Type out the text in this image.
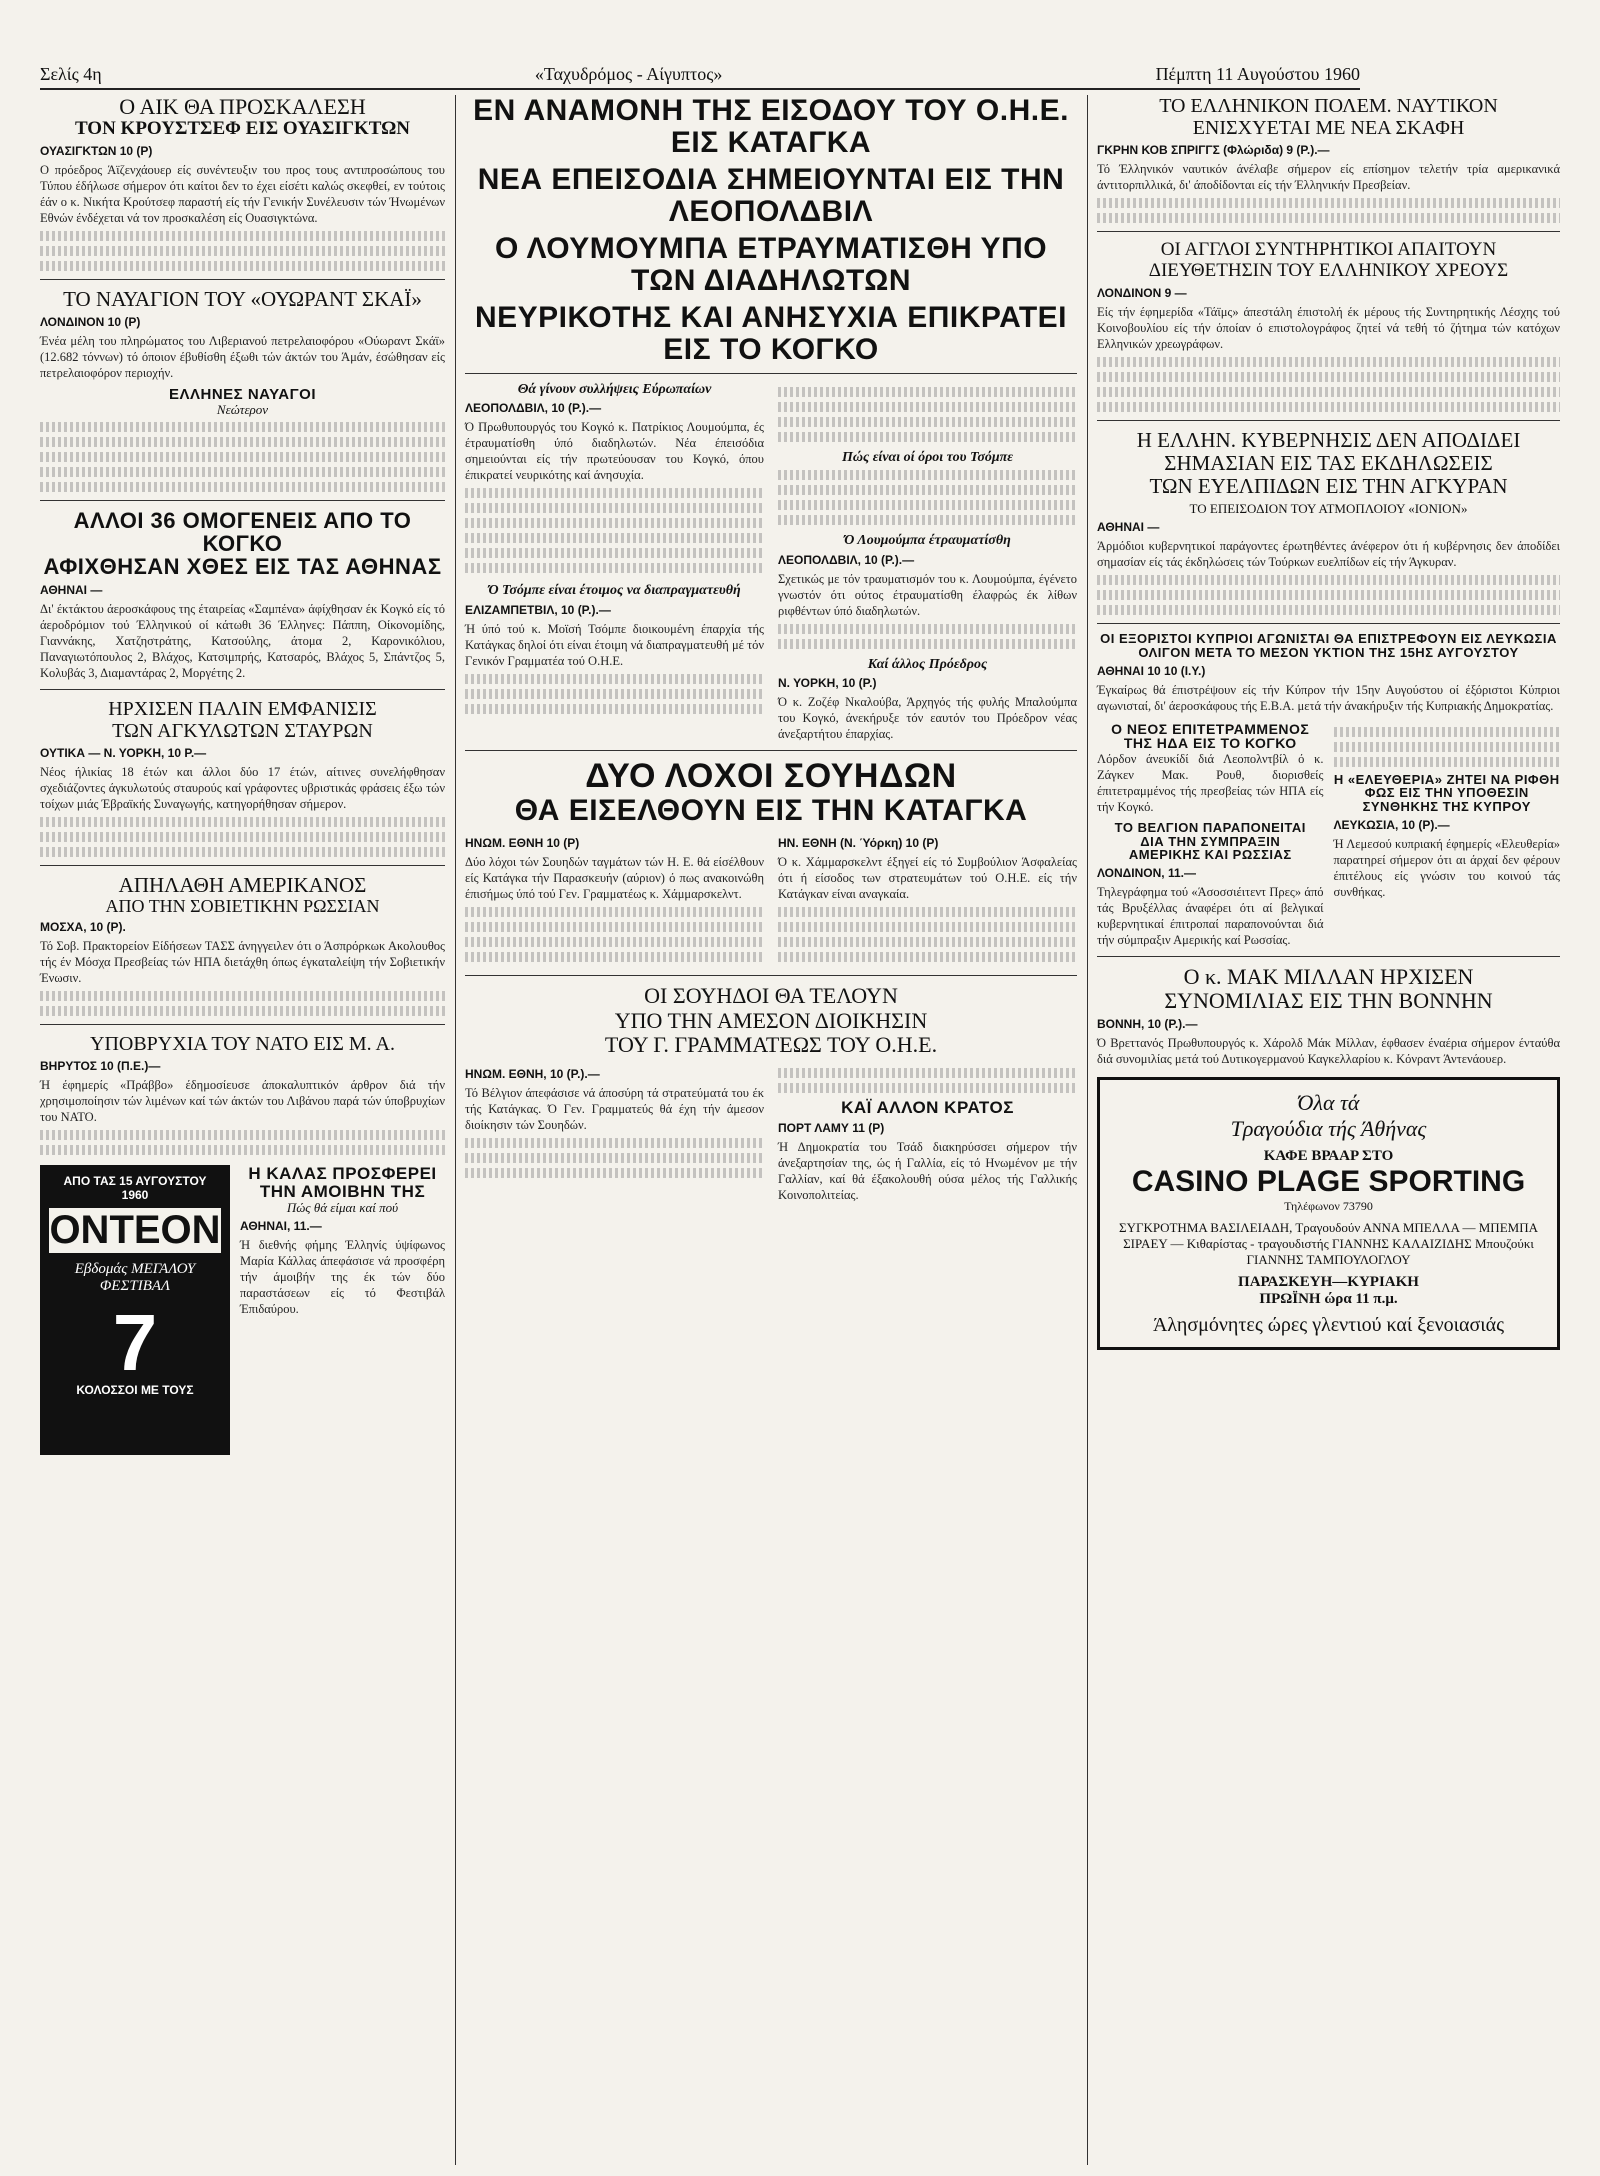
Σελίς 4η	«Ταχυδρόμος - Αίγυπτος»	Πέμπτη 11 Αυγούστου 1960
Ο ΑΙΚ ΘΑ ΠΡΟΣΚΑΛΕΣΗ
ΤΟΝ ΚΡΟΥΣΤΣΕΦ ΕΙΣ ΟΥΑΣΙΓΚΤΩΝ
ΟΥΑΣΙΓΚΤΩΝ 10 (Ρ)
Ο πρόεδρος Άϊζενχάουερ είς συνέντευξιν του προς τους αντιπροσώπους του Τύπου έδήλωσε σήμερον ότι καίτοι δεν το έχει είσέτι καλώς σκεφθεί, εν τούτοις έάν ο κ. Νικήτα Κρούτσεφ παραστή είς τήν Γενικήν Συνέλευσιν τών Ήνωμένων Εθνών ένδέχεται νά τον προσκαλέση είς Ουασιγκτώνα.
ΤΟ ΝΑΥΑΓΙΟΝ ΤΟΥ «ΟΥΩΡΑΝΤ ΣΚΑΪ»
ΛΟΝΔΙΝΟΝ 10 (Ρ)
Ένέα μέλη του πληρώματος του Λιβεριανού πετρελαιοφόρου «Ούωραντ Σκάϊ» (12.682 τόννων) τό όποιον έβυθίσθη έξωθι τών άκτών του Άμάν, έσώθησαν είς πετρελαιοφόρον περιοχήν.
ΕΛΛΗΝΕΣ ΝΑΥΑΓΟΙ
Νεώτερον
ΑΛΛΟΙ 36 ΟΜΟΓΕΝΕΙΣ ΑΠΟ ΤΟ ΚΟΓΚΟ
ΑΦΙΧΘΗΣΑΝ ΧΘΕΣ ΕΙΣ ΤΑΣ ΑΘΗΝΑΣ
ΑΘΗΝΑΙ —
Δι' έκτάκτου άεροσκάφους της έταιρείας «Σαμπένα» άφίχθησαν έκ Κογκό είς τό άεροδρόμιον τού Έλληνικού οί κάτωθι 36 Έλληνες: Πάππη, Οίκονομίδης, Γιαννάκης, Χατζηστράτης, Κατσούλης, άτομα 2, Καρονικόλιου, Παναγιωτόπουλος 2, Βλάχος, Κατσιμπρής, Κατσαρός, Βλάχος 5, Σπάντζος 5, Κολυβάς 3, Διαμαντάρας 2, Μοργέτης 2.
ΗΡΧΙΣΕΝ ΠΑΛΙΝ ΕΜΦΑΝΙΣΙΣ
ΤΩΝ ΑΓΚΥΛΩΤΩΝ ΣΤΑΥΡΩΝ
ΟΥΤΙΚΑ — Ν. ΥΟΡΚΗ, 10 Ρ.—
Νέος ήλικίας 18 έτών και άλλοι δύο 17 έτών, αίτινες συνελήφθησαν σχεδιάζοντες άγκυλωτούς σταυρούς καί γράφοντες υβριστικάς φράσεις έξω τών τοίχων μιάς Έβραϊκής Συναγωγής, κατηγορήθησαν σήμερον.
ΑΠΗΛΑΘΗ ΑΜΕΡΙΚΑΝΟΣ
ΑΠΟ ΤΗΝ ΣΟΒΙΕΤΙΚΗΝ ΡΩΣΣΙΑΝ
ΜΟΣΧΑ, 10 (Ρ).
Τό Σοβ. Πρακτορείον Είδήσεων ΤΑΣΣ άνηγγειλεν ότι ο Άσπρόρκωκ Ακολουθος τής έν Μόσχα Πρεσβείας τών ΗΠΑ διετάχθη όπως έγκαταλείψη τήν Σοβιετικήν Ένωσιν.
ΥΠΟΒΡΥΧΙΑ ΤΟΥ ΝΑΤΟ ΕΙΣ Μ. Α.
ΒΗΡΥΤΟΣ 10 (Π.Ε.)—
Ή έφημερίς «Πράββο» έδημοσίευσε άποκαλυπτικόν άρθρον διά τήν χρησιμοποίησιν τών λιμένων καί τών άκτών του Λιβάνου παρά τών ύποβρυχίων του ΝΑΤΟ.
ΑΠΟ ΤΑΣ 15 ΑΥΓΟΥΣΤΟΥ 1960
ΟΝΤΕΟΝ
Εβδομάς ΜΕΓΑΛΟΥ ΦΕΣΤΙΒΑΛ
7
ΚΟΛΟΣΣΟΙ ΜΕ ΤΟΥΣ
Η ΚΑΛΑΣ ΠΡΟΣΦΕΡΕΙ
ΤΗΝ ΑΜΟΙΒΗΝ ΤΗΣ
Πώς θά είμαι καί πού
ΑΘΗΝΑΙ, 11.—
Ή διεθνής φήμης Έλληνίς ύψίφωνος Μαρία Κάλλας άπεφάσισε νά προσφέρη τήν άμοιβήν της έκ τών δύο παραστάσεων είς τό Φεστιβάλ Έπιδαύρου.
ΕΝ ΑΝΑΜΟΝΗ ΤΗΣ ΕΙΣΟΔΟΥ ΤΟΥ Ο.Η.Ε. ΕΙΣ ΚΑΤΑΓΚΑ
ΝΕΑ ΕΠΕΙΣΟΔΙΑ ΣΗΜΕΙΟΥΝΤΑΙ ΕΙΣ ΤΗΝ ΛΕΟΠΟΛΔΒΙΛ
Ο ΛΟΥΜΟΥΜΠΑ ΕΤΡΑΥΜΑΤΙΣΘΗ ΥΠΟ ΤΩΝ ΔΙΑΔΗΛΩΤΩΝ
ΝΕΥΡΙΚΟΤΗΣ ΚΑΙ ΑΝΗΣΥΧΙΑ ΕΠΙΚΡΑΤΕΙ ΕΙΣ ΤΟ ΚΟΓΚΟ
Θά γίνουν συλλήψεις Εύρωπαίων
ΛΕΟΠΟΛΔΒΙΛ, 10 (Ρ.).—
Ό Πρωθυπουργός του Κογκό κ. Πατρίκιος Λουμούμπα, ές έτραυματίσθη ύπό διαδηλωτών. Νέα έπεισόδια σημειούνται είς τήν πρωτεύουσαν του Κογκό, όπου έπικρατεί νευρικότης καί άνησυχία.
Ό Τσόμπε είναι έτοιμος να διαπραγματευθή
ΕΛΙΖΑΜΠΕΤΒΙΛ, 10 (Ρ.).—
Ή ύπό τού κ. Μοϊσή Τσόμπε διοικουμένη έπαρχία τής Κατάγκας δηλοί ότι είναι έτοιμη νά διαπραγματευθή μέ τόν Γενικόν Γραμματέα τού Ο.Η.Ε.
Πώς είναι οί όροι του Τσόμπε
Ό Λουμούμπα έτραυματίσθη
ΛΕΟΠΟΛΔΒΙΛ, 10 (Ρ.).—
Σχετικώς με τόν τραυματισμόν του κ. Λουμούμπα, έγένετο γνωστόν ότι ούτος έτραυματίσθη έλαφρώς έκ λίθων ριφθέντων ύπό διαδηλωτών.
Καί άλλος Πρόεδρος
Ν. ΥΟΡΚΗ, 10 (Ρ.)
Ό κ. Ζοζέφ Νκαλούβα, Άρχηγός τής φυλής Μπαλούμπα του Κογκό, άνεκήρυξε τόν εαυτόν του Πρόεδρον νέας άνεξαρτήτου έπαρχίας.
ΔΥΟ ΛΟΧΟΙ ΣΟΥΗΔΩΝ
ΘΑ ΕΙΣΕΛΘΟΥΝ ΕΙΣ ΤΗΝ ΚΑΤΑΓΚΑ
ΗΝΩΜ. ΕΘΝΗ 10 (Ρ)
Δύο λόχοι τών Σουηδών ταγμάτων τών Η. Ε. θά είσέλθουν είς Κατάγκα τήν Παρασκευήν (αύριον) ό πως ανακοινώθη έπισήμως ύπό τού Γεν. Γραμματέως κ. Χάμμαρσκελντ.
ΗΝ. ΕΘΝΗ (Ν. Ύόρκη) 10 (Ρ)
Ό κ. Χάμμαρσκελντ έξηγεί είς τό Συμβούλιον Άσφαλείας ότι ή είσοδος των στρατευμάτων τού Ο.Η.Ε. είς τήν Κατάγκαν είναι αναγκαία.
ΟΙ ΣΟΥΗΔΟΙ ΘΑ ΤΕΛΟΥΝ
ΥΠΟ ΤΗΝ ΑΜΕΣΟΝ ΔΙΟΙΚΗΣΙΝ
ΤΟΥ Γ. ΓΡΑΜΜΑΤΕΩΣ ΤΟΥ Ο.Η.Ε.
ΗΝΩΜ. ΕΘΝΗ, 10 (Ρ.).—
Τό Βέλγιον άπεφάσισε νά άποσύρη τά στρατεύματά του έκ τής Κατάγκας. Ό Γεν. Γραμματεύς θά έχη τήν άμεσον διοίκησιν τών Σουηδών.
ΚΑΪ ΑΛΛΟΝ ΚΡΑΤΟΣ
ΠΟΡΤ ΛΑΜΥ 11 (Ρ)
Ή Δημοκρατία του Τσάδ διακηρύσσει σήμερον τήν άνεξαρτησίαν της, ώς ή Γαλλία, είς τό Ηνωμένον με τήν Γαλλίαν, καί θά έξακολουθή ούσα μέλος τής Γαλλικής Κοινοπολιτείας.
ΤΟ ΕΛΛΗΝΙΚΟΝ ΠΟΛΕΜ. ΝΑΥΤΙΚΟΝ
ΕΝΙΣΧΥΕΤΑΙ ΜΕ ΝΕΑ ΣΚΑΦΗ
ΓΚΡΗΝ ΚΟΒ ΣΠΡΙΓΓΣ (Φλώριδα) 9 (Ρ.).—
Τό Έλληνικόν ναυτικόν άνέλαβε σήμερον είς επίσημον τελετήν τρία αμερικανικά άντιτορπιλλικά, δι' άποδίδονται είς τήν Έλληνικήν Πρεσβείαν.
ΟΙ ΑΓΓΛΟΙ ΣΥΝΤΗΡΗΤΙΚΟΙ ΑΠΑΙΤΟΥΝ
ΔΙΕΥΘΕΤΗΣΙΝ ΤΟΥ ΕΛΛΗΝΙΚΟΥ ΧΡΕΟΥΣ
ΛΟΝΔΙΝΟΝ 9 —
Είς τήν έφημερίδα «Τάϊμς» άπεστάλη έπιστολή έκ μέρους τής Συντηρητικής Λέσχης τού Κοινοβουλίου είς τήν όποίαν ό επιστολογράφος ζητεί νά τεθή τό ζήτημα τών κατόχων Ελληνικών χρεωγράφων.
Η ΕΛΛΗΝ. ΚΥΒΕΡΝΗΣΙΣ ΔΕΝ ΑΠΟΔΙΔΕΙ
ΣΗΜΑΣΙΑΝ ΕΙΣ ΤΑΣ ΕΚΔΗΛΩΣΕΙΣ
ΤΩΝ ΕΥΕΛΠΙΔΩΝ ΕΙΣ ΤΗΝ ΑΓΚΥΡΑΝ
ΤΟ ΕΠΕΙΣΟΔΙΟΝ ΤΟΥ ΑΤΜΟΠΛΟΙΟΥ «ΙΟΝΙΟΝ»
ΑΘΗΝΑΙ —
Άρμόδιοι κυβερνητικοί παράγοντες έρωτηθέντες άνέφερον ότι ή κυβέρνησις δεν άποδίδει σημασίαν είς τάς έκδηλώσεις τών Τούρκων ευελπίδων είς τήν Άγκυραν.
ΟΙ ΕΞΟΡΙΣΤΟΙ ΚΥΠΡΙΟΙ ΑΓΩΝΙΣΤΑΙ ΘΑ ΕΠΙΣΤΡΕΦΟΥΝ ΕΙΣ ΛΕΥΚΩΣΙΑ
ΟΛΙΓΟΝ ΜΕΤΑ ΤΟ ΜΕΣΟΝ ΥΚΤΙΟΝ ΤΗΣ 15ΗΣ ΑΥΓΟΥΣΤΟΥ
ΑΘΗΝΑΙ 10 10 (Ι.Υ.)
Έγκαίρως θά έπιστρέψουν είς τήν Κύπρον τήν 15ην Αυγούστου οί έξόριστοι Κύπριοι αγωνισταί, δι' άεροσκάφους τής Ε.Β.Α. μετά τήν άνακήρυξιν τής Κυπριακής Δημοκρατίας.
Ο ΝΕΟΣ ΕΠΙΤΕΤΡΑΜΜΕΝΟΣ
ΤΗΣ ΗΔΑ ΕΙΣ ΤΟ ΚΟΓΚΟ
Λόρδον άνευκίδί διά Λεοπολντβίλ ό κ. Ζάγκεν Μακ. Ρουθ, διορισθείς έπιτετραμμένος τής πρεσβείας τών ΗΠΑ είς τήν Κογκό.
ΤΟ ΒΕΛΓΙΟΝ ΠΑΡΑΠΟΝΕΙΤΑΙ
ΔΙΑ ΤΗΝ ΣΥΜΠΡΑΞΙΝ
ΑΜΕΡΙΚΗΣ ΚΑΙ ΡΩΣΣΙΑΣ
ΛΟΝΔΙΝΟΝ, 11.—
Τηλεγράφημα τού «Άσοσσιέιτεντ Πρες» άπό τάς Βρυξέλλας άναφέρει ότι αί βελγικαί κυβερνητικαί έπιτροπαί παραπονούνται διά τήν σύμπραξιν Αμερικής καί Ρωσσίας.
Η «ΕΛΕΥΘΕΡΙΑ» ΖΗΤΕΙ ΝΑ ΡΙΦΘΗ
ΦΩΣ ΕΙΣ ΤΗΝ ΥΠΟΘΕΣΙΝ
ΣΥΝΘΗΚΗΣ ΤΗΣ ΚΥΠΡΟΥ
ΛΕΥΚΩΣΙΑ, 10 (Ρ).—
Ή Λεμεσού κυπριακή έφημερίς «Ελευθερία» παρατηρεί σήμερον ότι αι άρχαί δεν φέρουν έπιτέλους είς γνώσιν του κοινού τάς συνθήκας.
Ο κ. ΜΑΚ ΜΙΛΛΑΝ ΗΡΧΙΣΕΝ
ΣΥΝΟΜΙΛΙΑΣ ΕΙΣ ΤΗΝ ΒΟΝΝΗΝ
ΒΟΝΝΗ, 10 (Ρ.).—
Ό Βρεττανός Πρωθυπουργός κ. Χάρολδ Μάκ Μίλλαν, έφθασεν έναέρια σήμερον ένταύθα διά συνομιλίας μετά τού Δυτικογερμανού Καγκελλαρίου κ. Κόνραντ Άντενάουερ.
Όλα τά
Τραγούδια τής Άθήνας
ΚΑΦΕ ΒΡΑΑΡ ΣΤΟ
CASINO PLAGE SPORTING
Τηλέφωνον 73790
ΣΥΓΚΡΟΤΗΜΑ ΒΑΣΙΛΕΙΑΔΗ, Τραγουδούν ΑΝΝΑ ΜΠΕΛΛΑ — ΜΠΕΜΠΑ ΣΙΡΑΕΥ — Κιθαρίστας - τραγουδιστής ΓΙΑΝΝΗΣ ΚΑΛΑΙΖΙΔΗΣ Μπουζούκι ΓΙΑΝΝΗΣ ΤΑΜΠΟΥΛΟΓΛΟΥ
ΠΑΡΑΣΚΕΥΗ—ΚΥΡΙΑΚΗ
ΠΡΩΪΝΗ ώρα 11 π.μ.
Άλησμόνητες ώρες γλεντιού καί ξενοιασιάς
